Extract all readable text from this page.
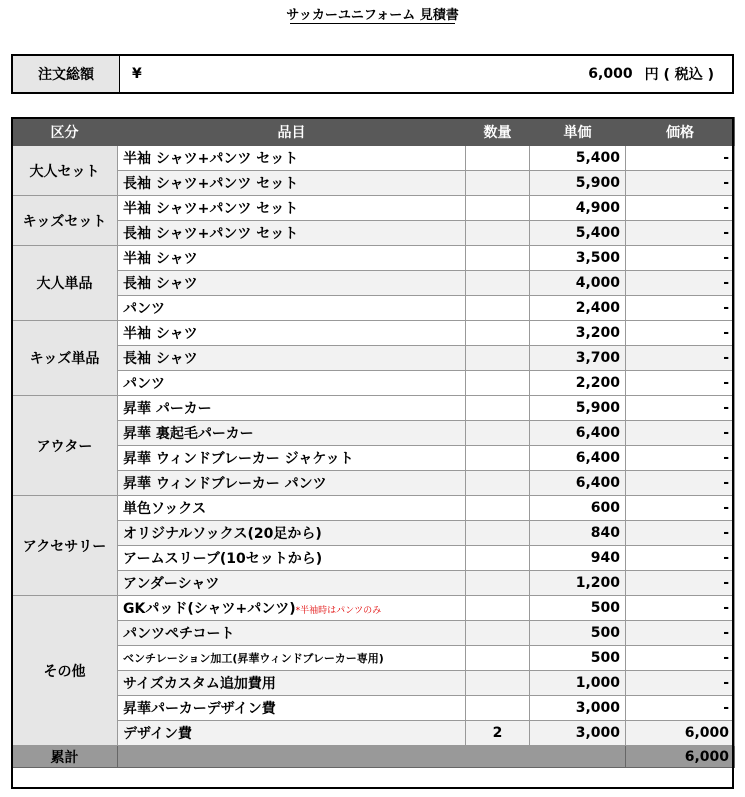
サッカーユニフォーム 見積書
注文総額	¥	6,000 円 ( 税込 )
区分	品目	数量	単価	価格
大人セット	半袖 シャツ+パンツ セット		5,400	-
	長袖 シャツ+パンツ セット		5,900	-
キッズセット	半袖 シャツ+パンツ セット		4,900	-
	長袖 シャツ+パンツ セット		5,400	-
大人単品	半袖 シャツ		3,500	-
	長袖 シャツ		4,000	-
	パンツ		2,400	-
キッズ単品	半袖 シャツ		3,200	-
	長袖 シャツ		3,700	-
	パンツ		2,200	-
アウター	昇華 パーカー		5,900	-
	昇華 裏起毛パーカー		6,400	-
	昇華 ウィンドブレーカー ジャケット		6,400	-
	昇華 ウィンドブレーカー パンツ		6,400	-
アクセサリー	単色ソックス		600	-
	オリジナルソックス(20足から)		840	-
	アームスリーブ(10セットから)		940	-
	アンダーシャツ		1,200	-
その他	GKパッド(シャツ+パンツ)*半袖時はパンツのみ		500	-
	パンツペチコート		500	-
	ベンチレーション加工(昇華ウィンドブレーカー専用)		500	-
	サイズカスタム追加費用		1,000	-
	昇華パーカーデザイン費		3,000	-
	デザイン費	2	3,000	6,000
累計				6,000
